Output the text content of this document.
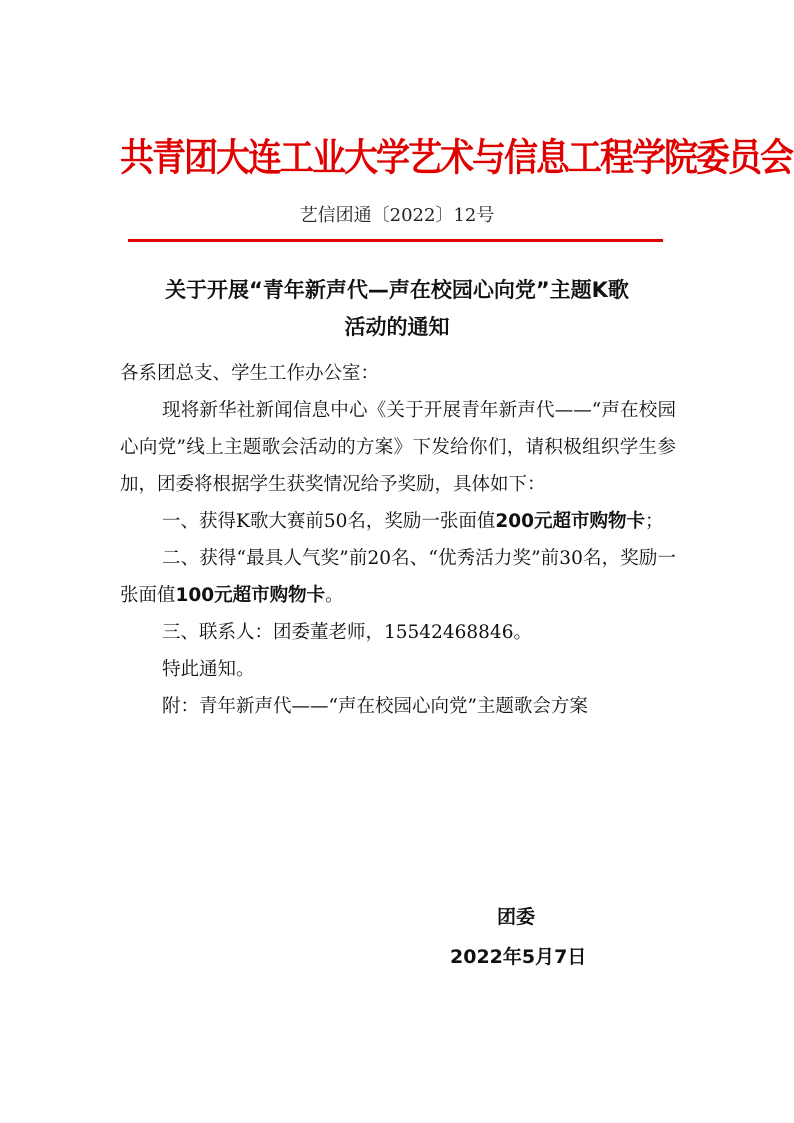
共青团大连工业大学艺术与信息工程学院委员会
艺信团通〔2022〕12号
关于开展“青年新声代—声在校园心向党”主题K歌
活动的通知

各系团总支、学生工作办公室：

现将新华社新闻信息中心《关于开展青年新声代——“声在校园心向党”线上主题歌会活动的方案》下发给你们，请积极组织学生参加，团委将根据学生获奖情况给予奖励，具体如下：

一、获得K歌大赛前50名，奖励一张面值200元超市购物卡；

二、获得“最具人气奖”前20名、“优秀活力奖”前30名，奖励一张面值100元超市购物卡。

三、联系人：团委董老师，15542468846。

特此通知。

附：青年新声代——“声在校园心向党”主题歌会方案

团委
2022年5月7日
